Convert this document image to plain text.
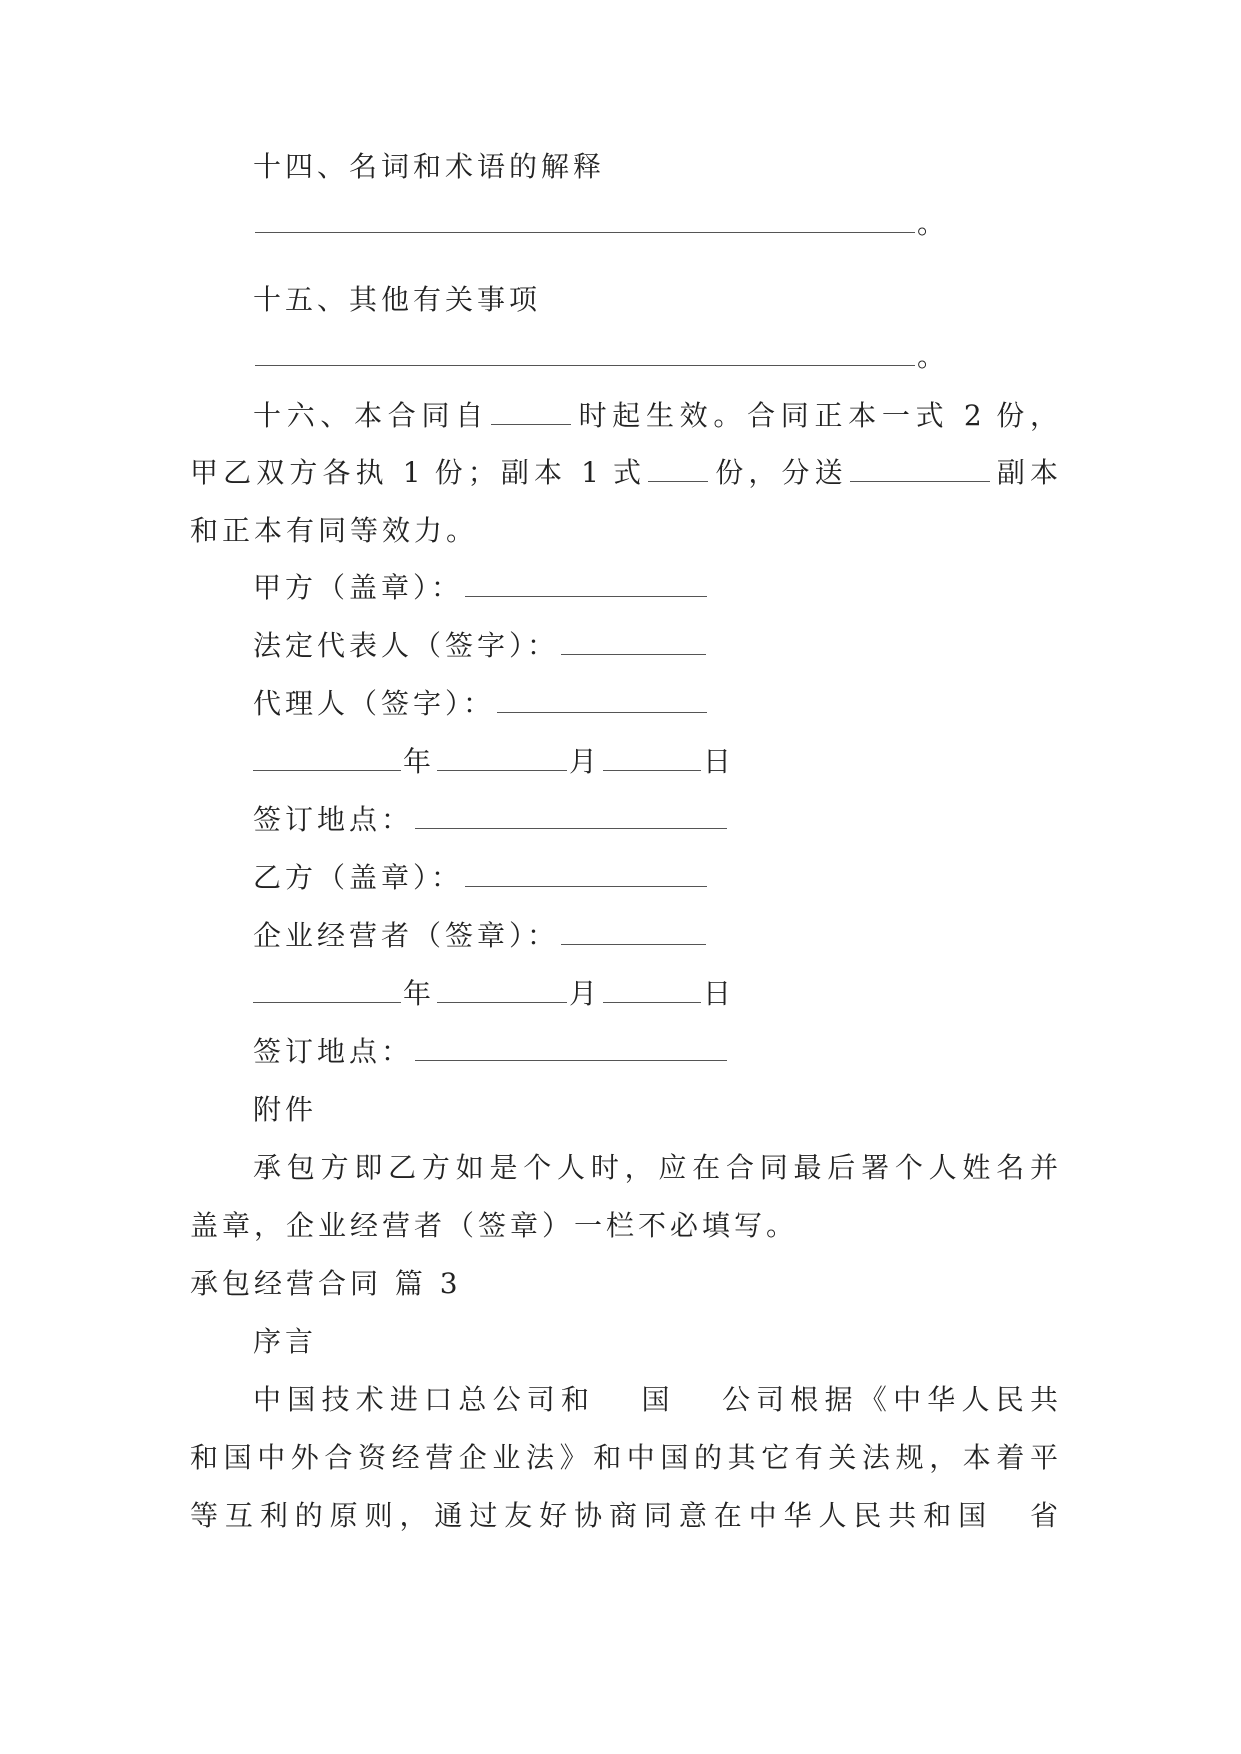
十四、名词和术语的解释
。
十五、其他有关事项
。
十六、本合同自	时起生效。合同正本一式 2 份，
甲乙双方各执 1 份；副本 1 式 份，分送	副本
和正本有同等效力。
甲方（盖章）：
法定代表人（签字）：
代理人（签字）：
年	月	日
签订地点：
乙方（盖章）：
企业经营者（签章）：
年	月	日
签订地点：
附件
承包方即乙方如是个人时，应在合同最后署个人姓名并
盖章，企业经营者（签章）一栏不必填写。
承包经营合同 篇 3
序言
中国技术进口总公司和 国 公司根据《中华人民共
和国中外合资经营企业法》和中国的其它有关法规，本着平
等互利的原则，通过友好协商同意在中华人民共和国 省
